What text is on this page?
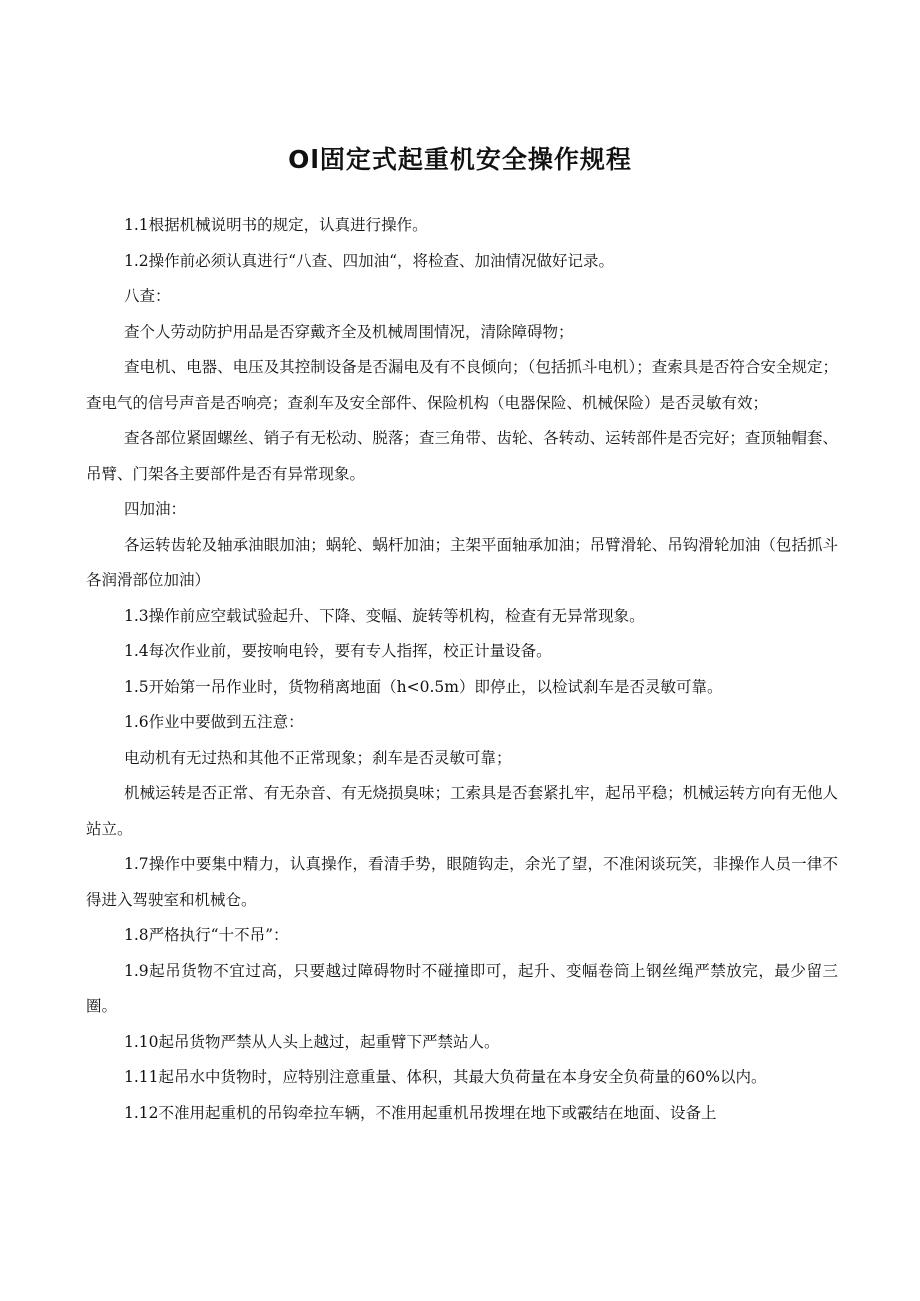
Ol固定式起重机安全操作规程

1.1根据机械说明书的规定，认真进行操作。

1.2操作前必须认真进行“八查、四加油“，将检查、加油情况做好记录。

八查：

查个人劳动防护用品是否穿戴齐全及机械周围情况，清除障碍物；

查电机、电器、电压及其控制设备是否漏电及有不良倾向；（包括抓斗电机）；查索具是否符合安全规定；查电气的信号声音是否响亮；查刹车及安全部件、保险机构（电器保险、机械保险）是否灵敏有效；

查各部位紧固螺丝、销子有无松动、脱落；查三角带、齿轮、各转动、运转部件是否完好；查顶轴帽套、吊臂、门架各主要部件是否有异常现象。

四加油：

各运转齿轮及轴承油眼加油；蜗轮、蜗杆加油；主架平面轴承加油；吊臂滑轮、吊钩滑轮加油（包括抓斗各润滑部位加油）

1.3操作前应空载试验起升、下降、变幅、旋转等机构，检查有无异常现象。

1.4每次作业前，要按响电铃，要有专人指挥，校正计量设备。

1.5开始第一吊作业时，货物稍离地面（h<0.5m）即停止，以检试刹车是否灵敏可靠。

1.6作业中要做到五注意：

电动机有无过热和其他不正常现象；刹车是否灵敏可靠；

机械运转是否正常、有无杂音、有无烧损臭味；工索具是否套紧扎牢，起吊平稳；机械运转方向有无他人站立。

1.7操作中要集中精力，认真操作，看清手势，眼随钩走，余光了望，不准闲谈玩笑，非操作人员一律不得进入驾驶室和机械仓。

1.8严格执行“十不吊”：

1.9起吊货物不宜过高，只要越过障碍物时不碰撞即可，起升、变幅卷筒上钢丝绳严禁放完，最少留三圈。

1.10起吊货物严禁从人头上越过，起重臂下严禁站人。

1.11起吊水中货物时，应特别注意重量、体积，其最大负荷量在本身安全负荷量的60%以内。

1.12不准用起重机的吊钩牵拉车辆，不准用起重机吊拨埋在地下或霰结在地面、设备上
